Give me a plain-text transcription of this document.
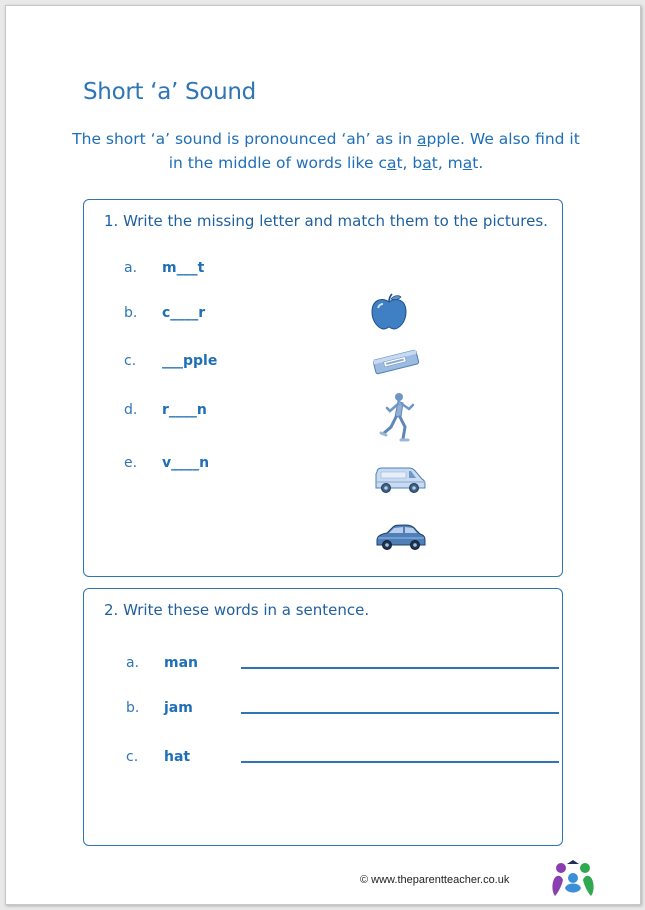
Short ‘a’ Sound
The short ‘a’ sound is pronounced ‘ah’ as in apple. We also find it
in the middle of words like cat, bat, mat.
1. Write the missing letter and match them to the pictures.
a. m___t
b. c____r
c. ___pple
d. r____n
e. v____n
2. Write these words in a sentence.
a. man
b. jam
c. hat
© www.theparentteacher.co.uk
